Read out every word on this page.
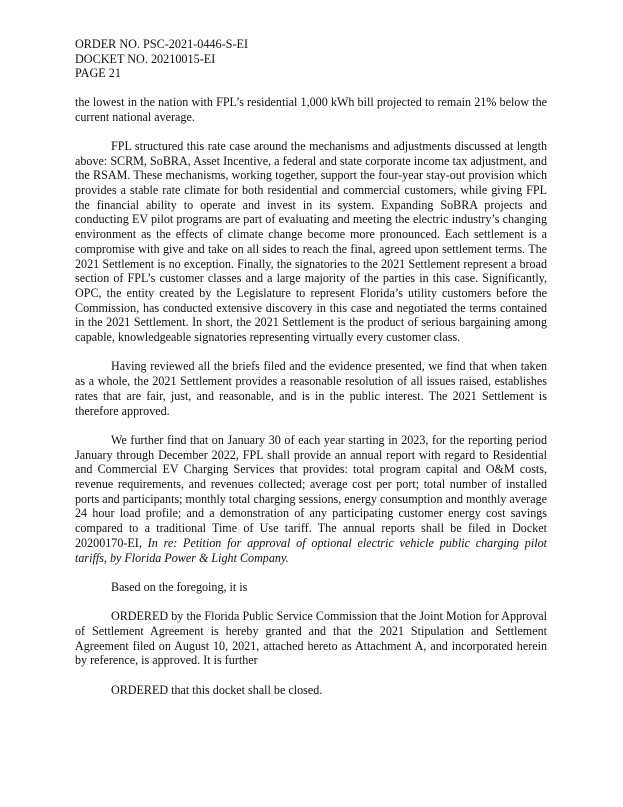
ORDER NO. PSC-2021-0446-S-EI
DOCKET NO. 20210015-EI
PAGE 21

the lowest in the nation with FPL’s residential 1,000 kWh bill projected to remain 21% below the current national average.

FPL structured this rate case around the mechanisms and adjustments discussed at length above: SCRM, SoBRA, Asset Incentive, a federal and state corporate income tax adjustment, and the RSAM. These mechanisms, working together, support the four-year stay-out provision which provides a stable rate climate for both residential and commercial customers, while giving FPL the financial ability to operate and invest in its system. Expanding SoBRA projects and conducting EV pilot programs are part of evaluating and meeting the electric industry’s changing environment as the effects of climate change become more pronounced. Each settlement is a compromise with give and take on all sides to reach the final, agreed upon settlement terms. The 2021 Settlement is no exception. Finally, the signatories to the 2021 Settlement represent a broad section of FPL’s customer classes and a large majority of the parties in this case. Significantly, OPC, the entity created by the Legislature to represent Florida’s utility customers before the Commission, has conducted extensive discovery in this case and negotiated the terms contained in the 2021 Settlement. In short, the 2021 Settlement is the product of serious bargaining among capable, knowledgeable signatories representing virtually every customer class.

Having reviewed all the briefs filed and the evidence presented, we find that when taken as a whole, the 2021 Settlement provides a reasonable resolution of all issues raised, establishes rates that are fair, just, and reasonable, and is in the public interest. The 2021 Settlement is therefore approved.

We further find that on January 30 of each year starting in 2023, for the reporting period January through December 2022, FPL shall provide an annual report with regard to Residential and Commercial EV Charging Services that provides: total program capital and O&M costs, revenue requirements, and revenues collected; average cost per port; total number of installed ports and participants; monthly total charging sessions, energy consumption and monthly average 24 hour load profile; and a demonstration of any participating customer energy cost savings compared to a traditional Time of Use tariff. The annual reports shall be filed in Docket 20200170-EI, In re: Petition for approval of optional electric vehicle public charging pilot tariffs, by Florida Power & Light Company.

Based on the foregoing, it is

ORDERED by the Florida Public Service Commission that the Joint Motion for Approval of Settlement Agreement is hereby granted and that the 2021 Stipulation and Settlement Agreement filed on August 10, 2021, attached hereto as Attachment A, and incorporated herein by reference, is approved. It is further

ORDERED that this docket shall be closed.
